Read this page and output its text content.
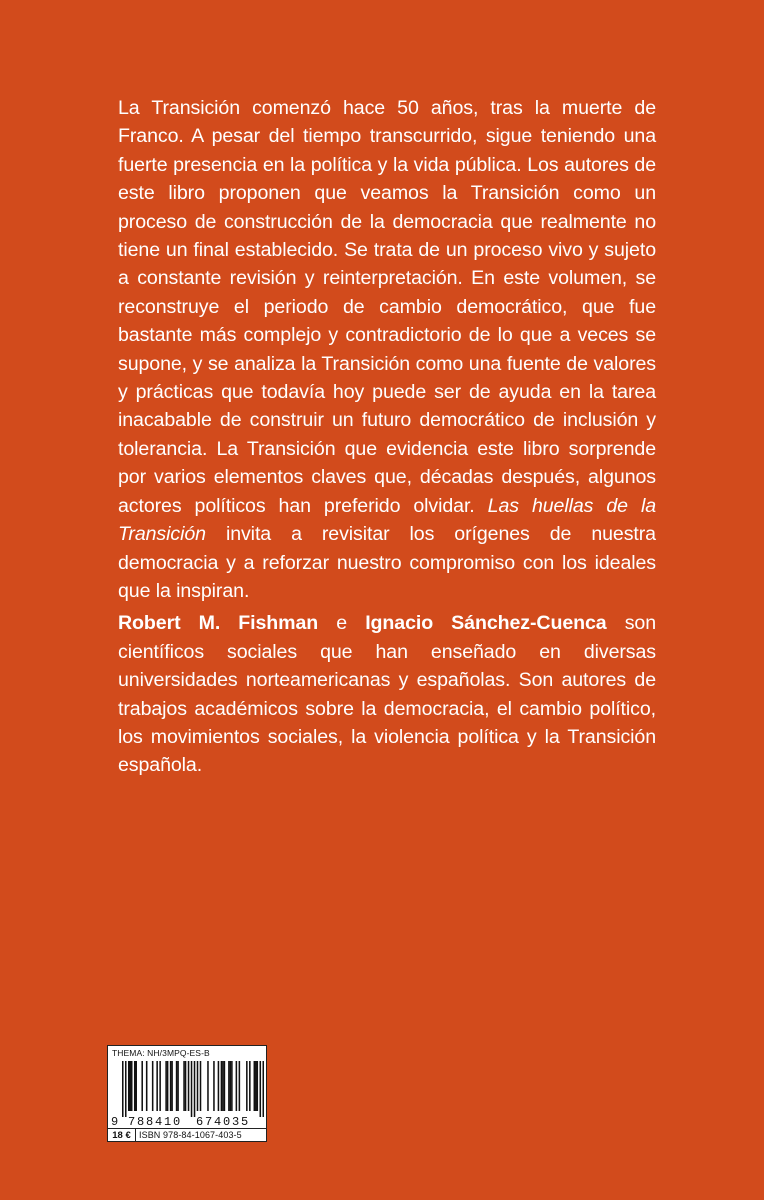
La Transición comenzó hace 50 años, tras la muerte de Franco. A pesar del tiempo transcurrido, sigue teniendo una fuerte presencia en la política y la vida pública. Los autores de este libro proponen que veamos la Transición como un proceso de construcción de la democracia que realmente no tiene un final establecido. Se trata de un proceso vivo y sujeto a constante revisión y reinterpretación. En este volumen, se reconstruye el periodo de cambio democrático, que fue bastante más complejo y contradictorio de lo que a veces se supone, y se analiza la Transición como una fuente de valores y prácticas que todavía hoy puede ser de ayuda en la tarea inacabable de construir un futuro democrático de inclusión y tolerancia. La Transición que evidencia este libro sorprende por varios elementos claves que, décadas después, algunos actores políticos han preferido olvidar. Las huellas de la Transición invita a revisitar los orígenes de nuestra democracia y a reforzar nuestro compromiso con los ideales que la inspiran.

Robert M. Fishman e Ignacio Sánchez-Cuenca son científicos sociales que han enseñado en diversas universidades norteamericanas y españolas. Son autores de trabajos académicos sobre la democracia, el cambio político, los movimientos sociales, la violencia política y la Transición española.

THEMA: NH/3MPQ-ES-B
9 788410 674035
18 € ISBN 978-84-1067-403-5
